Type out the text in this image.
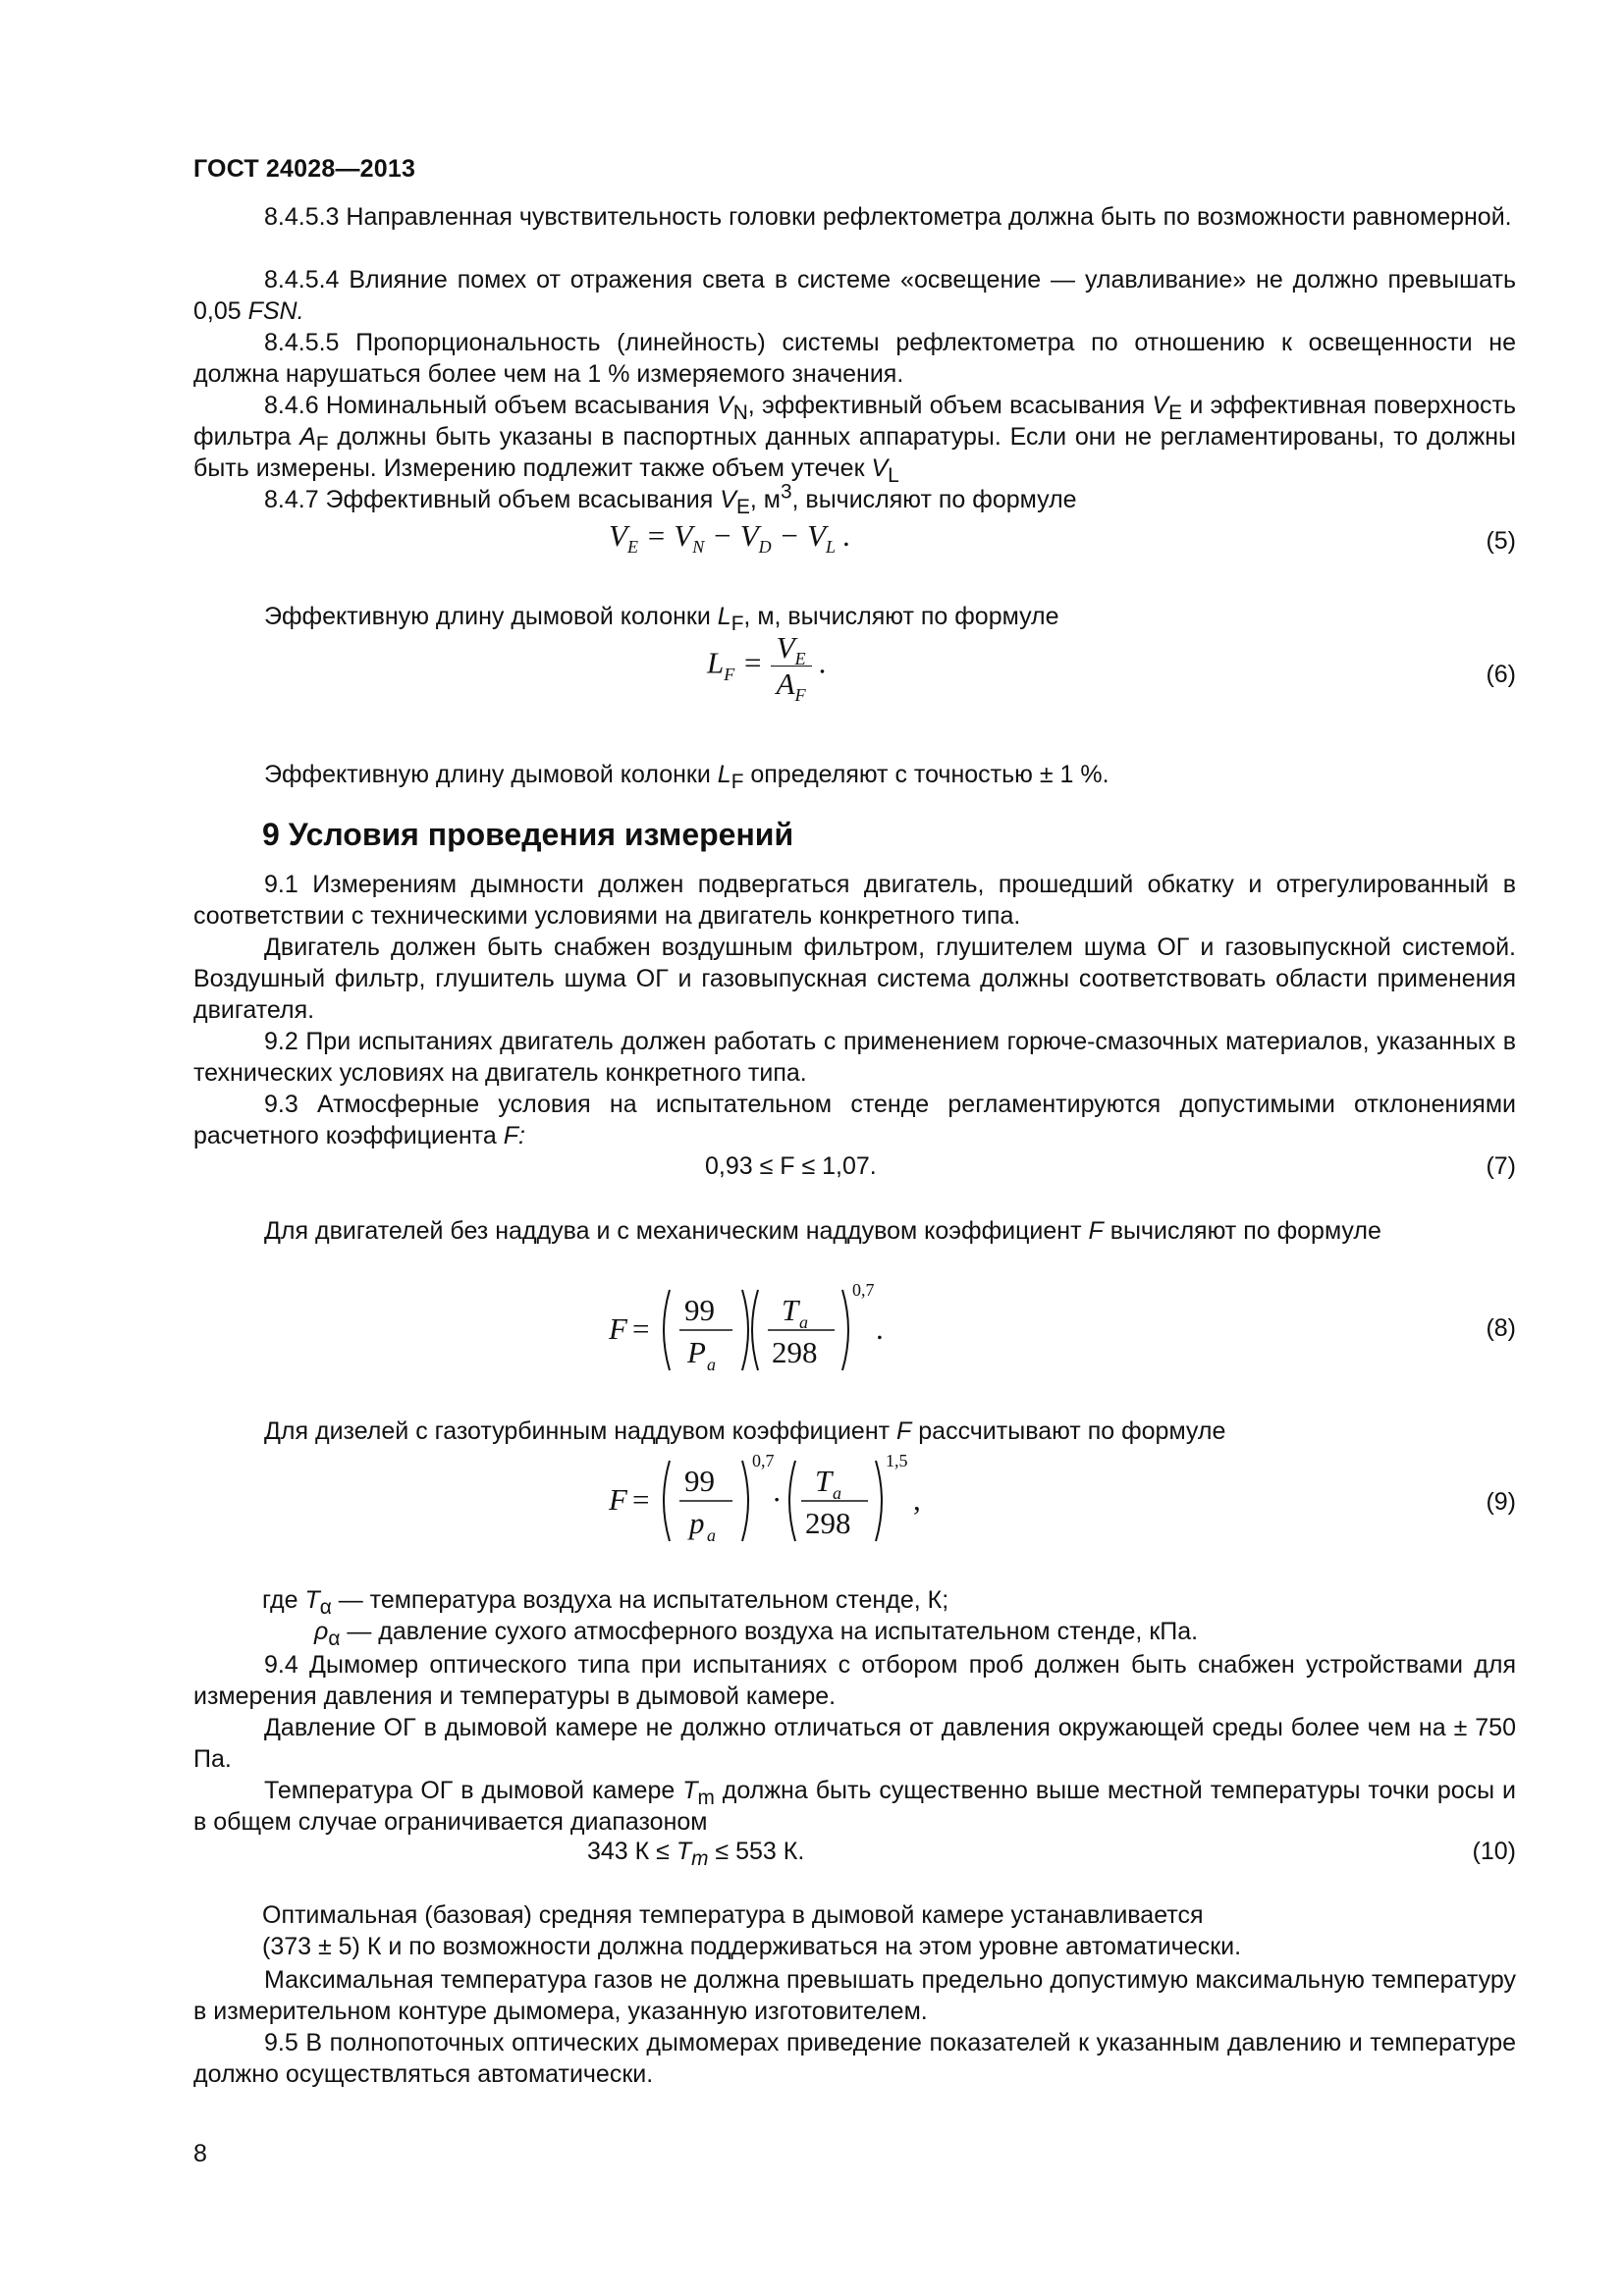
ГОСТ 24028—2013
8.4.5.3 Направленная чувствительность головки рефлектометра должна быть по возможности равномерной.
8.4.5.4 Влияние помех от отражения света в системе «освещение — улавливание» не должно превышать 0,05 FSN.
8.4.5.5 Пропорциональность (линейность) системы рефлектометра по отношению к освещенности не должна нарушаться более чем на 1 % измеряемого значения.
8.4.6 Номинальный объем всасывания $V_N$, эффективный объем всасывания $V_E$ и эффективная поверхность фильтра $A_F$ должны быть указаны в паспортных данных аппаратуры. Если они не регламентированы, то должны быть измерены. Измерению подлежит также объем утечек $V_L$
8.4.7 Эффективный объем всасывания $V_E$, $м^3$, вычисляют по формуле
$V_E = V_N - V_D - V_L$ .	(5)
Эффективную длину дымовой колонки $L_F$, м, вычисляют по формуле
$L_F = \frac{V_E}{A_F}$ .	(6)
Эффективную длину дымовой колонки $L_F$ определяют с точностью ± 1 %.
9 Условия проведения измерений
9.1 Измерениям дымности должен подвергаться двигатель, прошедший обкатку и отрегулированный в соответствии с техническими условиями на двигатель конкретного типа.
Двигатель должен быть снабжен воздушным фильтром, глушителем шума ОГ и газовыпускной системой. Воздушный фильтр, глушитель шума ОГ и газовыпускная система должны соответствовать области применения двигателя.
9.2 При испытаниях двигатель должен работать с применением горюче-смазочных материалов, указанных в технических условиях на двигатель конкретного типа.
9.3 Атмосферные условия на испытательном стенде регламентируются допустимыми отклонениями расчетного коэффициента F:
0,93 ≤ F ≤ 1,07.	(7)
Для двигателей без наддува и с механическим наддувом коэффициент F вычисляют по формуле
F =
99
P a
T a
298
0,7
.	(8)
Для дизелей с газотурбинным наддувом коэффициент F рассчитывают по формуле
F =
99
p a
0,7
·
T a
298
1,5
,	(9)
где $T_\alpha$ — температура воздуха на испытательном стенде, К;
$\rho_\alpha$ — давление сухого атмосферного воздуха на испытательном стенде, кПа.
9.4 Дымомер оптического типа при испытаниях с отбором проб должен быть снабжен устройствами для измерения давления и температуры в дымовой камере.
Давление ОГ в дымовой камере не должно отличаться от давления окружающей среды более чем на ± 750 Па.
Температура ОГ в дымовой камере $T_m$ должна быть существенно выше местной температуры точки росы и в общем случае ограничивается диапазоном
343 $К \le T_m \le 553$ К.	(10)
Оптимальная (базовая) средняя температура в дымовой камере устанавливается
(373 ± 5) К и по возможности должна поддерживаться на этом уровне автоматически.
Максимальная температура газов не должна превышать предельно допустимую максимальную температуру в измерительном контуре дымомера, указанную изготовителем.
9.5 В полнопоточных оптических дымомерах приведение показателей к указанным давлению и температуре должно осуществляться автоматически.
8
